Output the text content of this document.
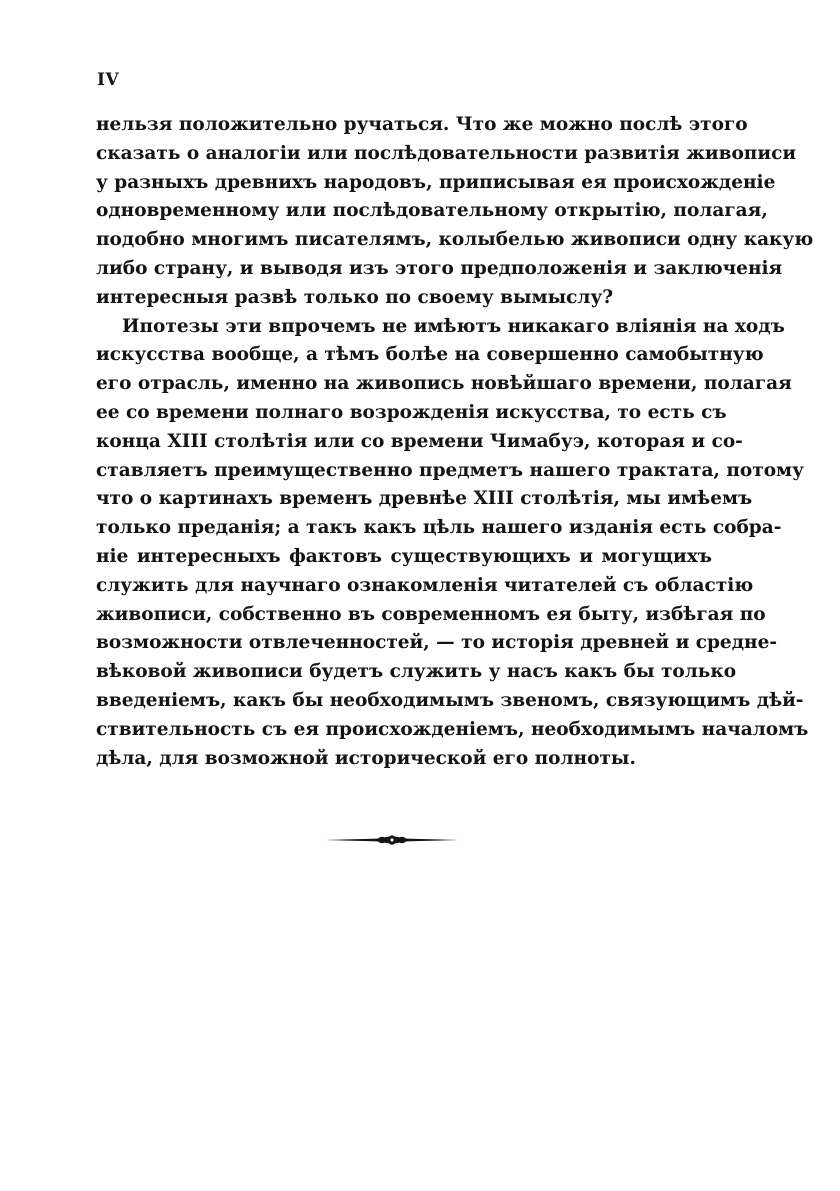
IV
нельзя положительно ручаться. Что же можно послѣ этого
сказать о аналогіи или послѣдовательности развитія живописи
у разныхъ древнихъ народовъ, приписывая ея происхожденіе
одновременному или послѣдовательному открытію, полагая,
подобно многимъ писателямъ, колыбелью живописи одну какую
либо страну, и выводя изъ этого предположенія и заключенія
интересныя развѣ только по своему вымыслу?
Ипотезы эти впрочемъ не имѣютъ никакаго вліянія на ходъ
искусства вообще, а тѣмъ болѣе на совершенно самобытную
его отрасль, именно на живопись новѣйшаго времени, полагая
ее со времени полнаго возрожденія искусства, то есть съ
конца XIII столѣтія или со времени Чимабуэ, которая и со-
ставляетъ преимущественно предметъ нашего трактата, потому
что о картинахъ временъ древнѣе XIII столѣтія, мы имѣемъ
только преданія; а такъ какъ цѣль нашего изданія есть собра-
ніе интересныхъ фактовъ существующихъ и могущихъ
служить для научнаго ознакомленія читателей съ областію
живописи, собственно въ современномъ ея быту, избѣгая по
возможности отвлеченностей, — то исторія древней и средне-
вѣковой живописи будетъ служить у насъ какъ бы только
введеніемъ, какъ бы необходимымъ звеномъ, связующимъ дѣй-
ствительность съ ея происхожденіемъ, необходимымъ началомъ
дѣла, для возможной исторической его полноты.
